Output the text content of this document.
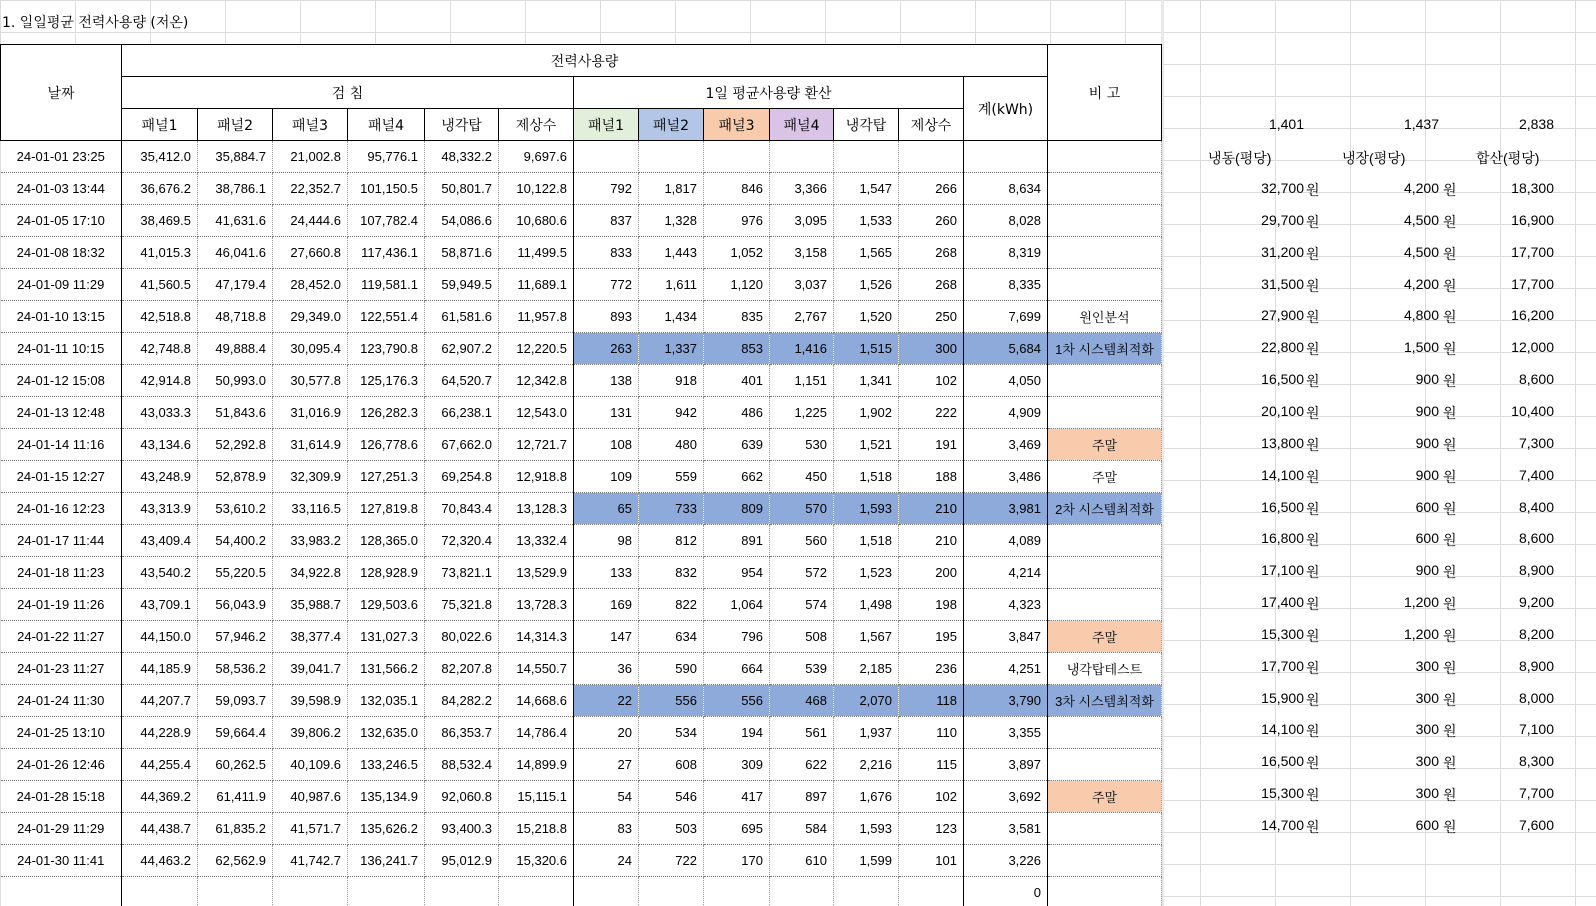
1. 일일평균 전력사용량 (저온)
날짜	전력사용량													비 고
	검 침						1일 평균사용량 환산						계(kWh)	
	패널1	패널2	패널3	패널4	냉각탑	제상수	패널1	패널2	패널3	패널4	냉각탑	제상수		
24-01-01 23:25	35,412.0	35,884.7	21,002.8	95,776.1	48,332.2	9,697.6								
24-01-03 13:44	36,676.2	38,786.1	22,352.7	101,150.5	50,801.7	10,122.8	792	1,817	846	3,366	1,547	266	8,634	
24-01-05 17:10	38,469.5	41,631.6	24,444.6	107,782.4	54,086.6	10,680.6	837	1,328	976	3,095	1,533	260	8,028	
24-01-08 18:32	41,015.3	46,041.6	27,660.8	117,436.1	58,871.6	11,499.5	833	1,443	1,052	3,158	1,565	268	8,319	
24-01-09 11:29	41,560.5	47,179.4	28,452.0	119,581.1	59,949.5	11,689.1	772	1,611	1,120	3,037	1,526	268	8,335	
24-01-10 13:15	42,518.8	48,718.8	29,349.0	122,551.4	61,581.6	11,957.8	893	1,434	835	2,767	1,520	250	7,699	원인분석
24-01-11 10:15	42,748.8	49,888.4	30,095.4	123,790.8	62,907.2	12,220.5	263	1,337	853	1,416	1,515	300	5,684	1차 시스템최적화
24-01-12 15:08	42,914.8	50,993.0	30,577.8	125,176.3	64,520.7	12,342.8	138	918	401	1,151	1,341	102	4,050	
24-01-13 12:48	43,033.3	51,843.6	31,016.9	126,282.3	66,238.1	12,543.0	131	942	486	1,225	1,902	222	4,909	
24-01-14 11:16	43,134.6	52,292.8	31,614.9	126,778.6	67,662.0	12,721.7	108	480	639	530	1,521	191	3,469	주말
24-01-15 12:27	43,248.9	52,878.9	32,309.9	127,251.3	69,254.8	12,918.8	109	559	662	450	1,518	188	3,486	주말
24-01-16 12:23	43,313.9	53,610.2	33,116.5	127,819.8	70,843.4	13,128.3	65	733	809	570	1,593	210	3,981	2차 시스템최적화
24-01-17 11:44	43,409.4	54,400.2	33,983.2	128,365.0	72,320.4	13,332.4	98	812	891	560	1,518	210	4,089	
24-01-18 11:23	43,540.2	55,220.5	34,922.8	128,928.9	73,821.1	13,529.9	133	832	954	572	1,523	200	4,214	
24-01-19 11:26	43,709.1	56,043.9	35,988.7	129,503.6	75,321.8	13,728.3	169	822	1,064	574	1,498	198	4,323	
24-01-22 11:27	44,150.0	57,946.2	38,377.4	131,027.3	80,022.6	14,314.3	147	634	796	508	1,567	195	3,847	주말
24-01-23 11:27	44,185.9	58,536.2	39,041.7	131,566.2	82,207.8	14,550.7	36	590	664	539	2,185	236	4,251	냉각탑테스트
24-01-24 11:30	44,207.7	59,093.7	39,598.9	132,035.1	84,282.2	14,668.6	22	556	556	468	2,070	118	3,790	3차 시스템최적화
24-01-25 13:10	44,228.9	59,664.4	39,806.2	132,635.0	86,353.7	14,786.4	20	534	194	561	1,937	110	3,355	
24-01-26 12:46	44,255.4	60,262.5	40,109.6	133,246.5	88,532.4	14,899.9	27	608	309	622	2,216	115	3,897	
24-01-28 15:18	44,369.2	61,411.9	40,987.6	135,134.9	92,060.8	15,115.1	54	546	417	897	1,676	102	3,692	주말
24-01-29 11:29	44,438.7	61,835.2	41,571.7	135,626.2	93,400.3	15,218.8	83	503	695	584	1,593	123	3,581	
24-01-30 11:41	44,463.2	62,562.9	41,742.7	136,241.7	95,012.9	15,320.6	24	722	170	610	1,599	101	3,226	
													0	
1,401	1,437	2,838
냉동(평당)	냉장(평당)	합산(평당)
32,700 원	4,200 원	18,300
29,700 원	4,500 원	16,900
31,200 원	4,500 원	17,700
31,500 원	4,200 원	17,700
27,900 원	4,800 원	16,200
22,800 원	1,500 원	12,000
16,500 원	900 원	8,600
20,100 원	900 원	10,400
13,800 원	900 원	7,300
14,100 원	900 원	7,400
16,500 원	600 원	8,400
16,800 원	600 원	8,600
17,100 원	900 원	8,900
17,400 원	1,200 원	9,200
15,300 원	1,200 원	8,200
17,700 원	300 원	8,900
15,900 원	300 원	8,000
14,100 원	300 원	7,100
16,500 원	300 원	8,300
15,300 원	300 원	7,700
14,700 원	600 원	7,600
